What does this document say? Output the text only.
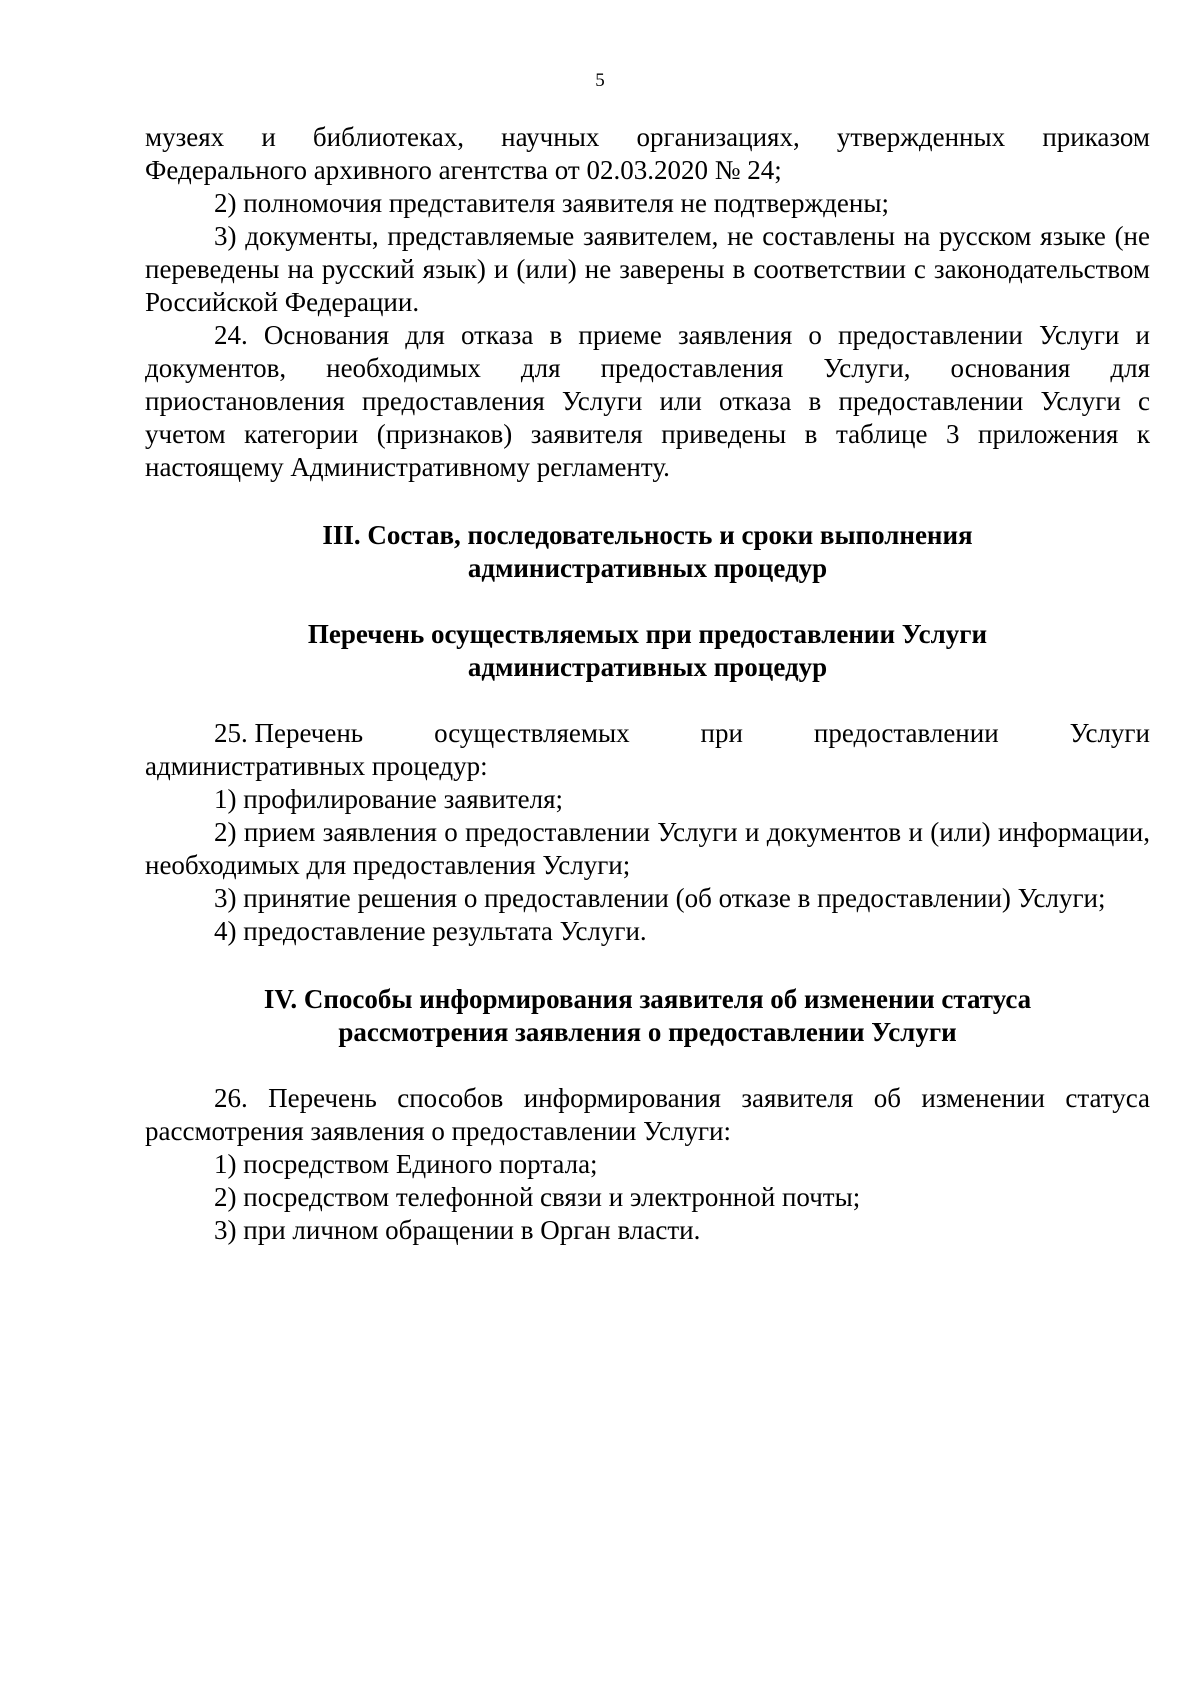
5
музеях и библиотеках, научных организациях, утвержденных приказом

Федерального архивного агентства от 02.03.2020 № 24;

2) полномочия представителя заявителя не подтверждены;

3) документы, представляемые заявителем, не составлены на русском языке (не переведены на русский язык) и (или) не заверены в соответствии с законодательством Российской Федерации.

24. Основания для отказа в приеме заявления о предоставлении Услуги и документов, необходимых для предоставления Услуги, основания для приостановления предоставления Услуги или отказа в предоставлении Услуги с учетом категории (признаков) заявителя приведены в таблице 3 приложения к настоящему Административному регламенту.

III. Состав, последовательность и сроки выполнения административных процедур

Перечень осуществляемых при предоставлении Услуги административных процедур

25. Перечень	осуществляемых	при	предоставлении	Услуги

административных процедур:

1) профилирование заявителя;

2) прием заявления о предоставлении Услуги и документов и (или) информации, необходимых для предоставления Услуги;

3) принятие решения о предоставлении (об отказе в предоставлении) Услуги;

4) предоставление результата Услуги.

IV. Способы информирования заявителя об изменении статуса рассмотрения заявления о предоставлении Услуги

26. Перечень способов информирования заявителя об изменении статуса рассмотрения заявления о предоставлении Услуги:

1) посредством Единого портала;

2) посредством телефонной связи и электронной почты;

3) при личном обращении в Орган власти.
